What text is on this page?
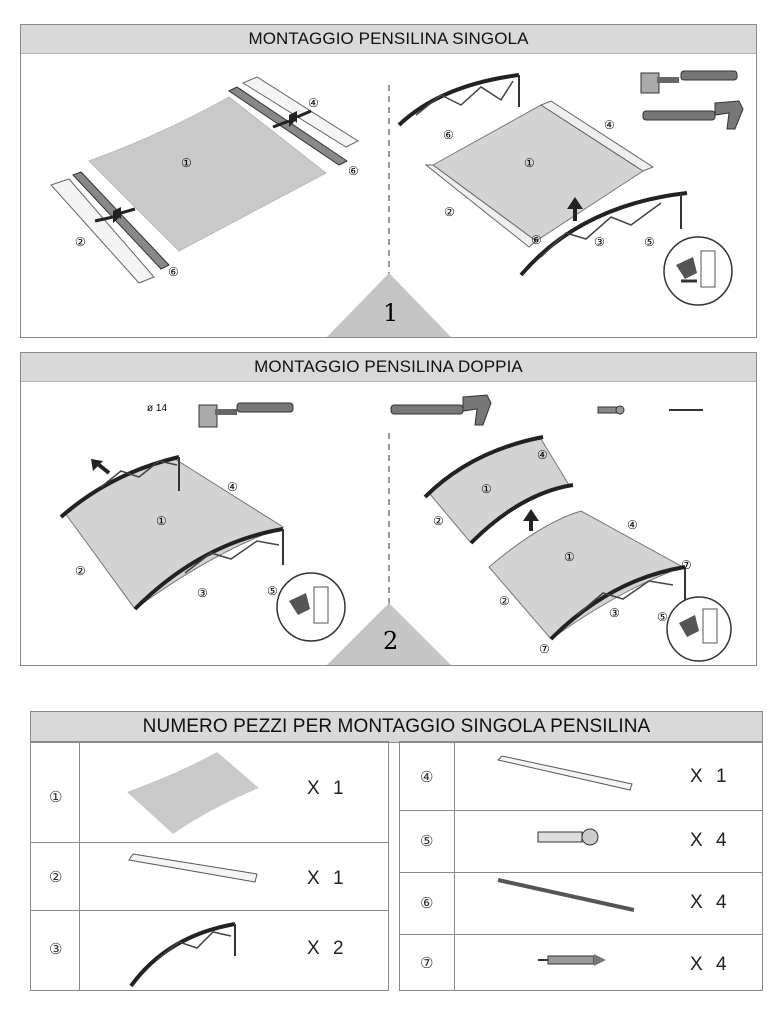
MONTAGGIO PENSILINA SINGOLA
①
②
⑥
④
⑥
①
⑥
④
②
③	⑤
⑥
1
MONTAGGIO PENSILINA DOPPIA
ø 14
①
④
②
③	⑤
①
①
④
②	④
②
③	⑤
⑦
⑦
2
NUMERO PEZZI PER MONTAGGIO SINGOLA PENSILINA
①	X 1
②	X 1
③	X 2
④	X 1
⑤	X 4
⑥	X 4
⑦	X 4
